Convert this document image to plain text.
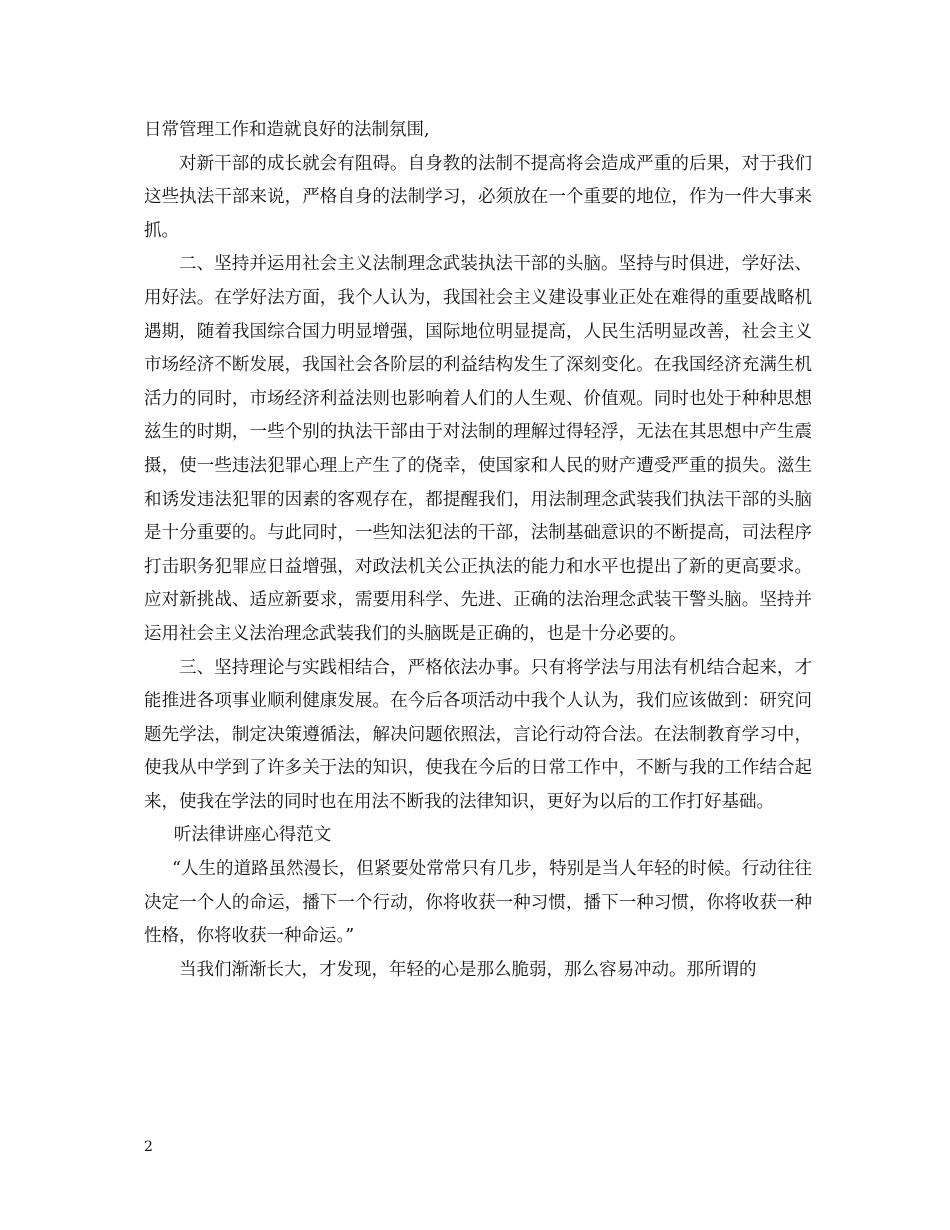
日常管理工作和造就良好的法制氛围,

对新干部的成长就会有阻碍。自身教的法制不提高将会造成严重的后果，对于我们这些执法干部来说，严格自身的法制学习，必须放在一个重要的地位，作为一件大事来抓。

二、坚持并运用社会主义法制理念武装执法干部的头脑。坚持与时俱进，学好法、用好法。在学好法方面，我个人认为，我国社会主义建设事业正处在难得的重要战略机遇期，随着我国综合国力明显增强，国际地位明显提高，人民生活明显改善，社会主义市场经济不断发展，我国社会各阶层的利益结构发生了深刻变化。在我国经济充满生机活力的同时，市场经济利益法则也影响着人们的人生观、价值观。同时也处于种种思想兹生的时期，一些个别的执法干部由于对法制的理解过得轻浮，无法在其思想中产生震摄，使一些违法犯罪心理上产生了的侥幸，使国家和人民的财产遭受严重的损失。滋生和诱发违法犯罪的因素的客观存在，都提醒我们，用法制理念武装我们执法干部的头脑是十分重要的。与此同时，一些知法犯法的干部，法制基础意识的不断提高，司法程序打击职务犯罪应日益增强，对政法机关公正执法的能力和水平也提出了新的更高要求。应对新挑战、适应新要求，需要用科学、先进、正确的法治理念武装干警头脑。坚持并运用社会主义法治理念武装我们的头脑既是正确的，也是十分必要的。

三、坚持理论与实践相结合，严格依法办事。只有将学法与用法有机结合起来，才能推进各项事业顺利健康发展。在今后各项活动中我个人认为，我们应该做到：研究问题先学法，制定决策遵循法，解决问题依照法，言论行动符合法。在法制教育学习中，使我从中学到了许多关于法的知识，使我在今后的日常工作中，不断与我的工作结合起来，使我在学法的同时也在用法不断我的法律知识，更好为以后的工作打好基础。

听法律讲座心得范文

“人生的道路虽然漫长，但紧要处常常只有几步，特别是当人年轻的时候。行动往往决定一个人的命运，播下一个行动，你将收获一种习惯，播下一种习惯，你将收获一种性格，你将收获一种命运。”

当我们渐渐长大，才发现，年轻的心是那么脆弱，那么容易冲动。那所谓的

2
